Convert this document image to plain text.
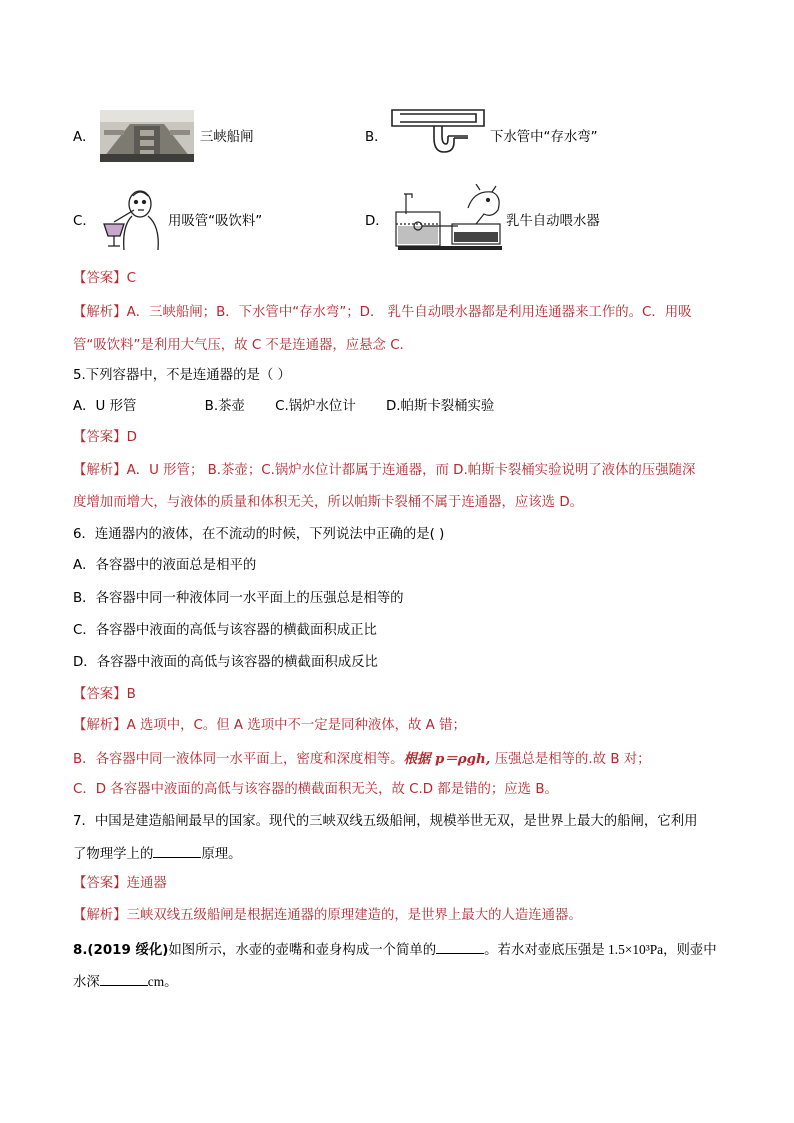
A．	三峡船闸	B．	下水管中“存水弯”
C．	用吸管“吸饮料”	D．	乳牛自动喂水器
【答案】C
【解析】A．三峡船闸；B．下水管中“存水弯”；D． 乳牛自动喂水器都是利用连通器来工作的。C．用吸
管“吸饮料”是利用大气压，故 C 不是连通器，应悬念 C.
5.下列容器中，不是连通器的是（ ）
A．U 形管	B.茶壶 C.锅炉水位计 D.帕斯卡裂桶实验
【答案】D
【解析】A．U 形管； B.茶壶；C.锅炉水位计都属于连通器，而 D.帕斯卡裂桶实验说明了液体的压强随深
度增加而增大，与液体的质量和体积无关，所以帕斯卡裂桶不属于连通器，应该选 D。
6．连通器内的液体，在不流动的时候，下列说法中正确的是( )
A．各容器中的液面总是相平的
B．各容器中同一种液体同一水平面上的压强总是相等的
C．各容器中液面的高低与该容器的横截面积成正比
D．各容器中液面的高低与该容器的横截面积成反比
【答案】B
【解析】A 选项中，C。但 A 选项中不一定是同种液体，故 A 错；
B．各容器中同一液体同一水平面上，密度和深度相等。根据 p＝ρgh, 压强总是相等的.故 B 对；
C．D 各容器中液面的高低与该容器的横截面积无关，故 C.D 都是错的；应选 B。
7．中国是建造船闸最早的国家。现代的三峡双线五级船闸，规模举世无双，是世界上最大的船闸，它利用
了物理学上的	原理。
【答案】连通器
【解析】三峡双线五级船闸是根据连通器的原理建造的，是世界上最大的人造连通器。
8.(2019 绥化)如图所示，水壶的壶嘴和壶身构成一个简单的	。若水对壶底压强是 1.5×10³Pa，则壶中
水深	cm。
